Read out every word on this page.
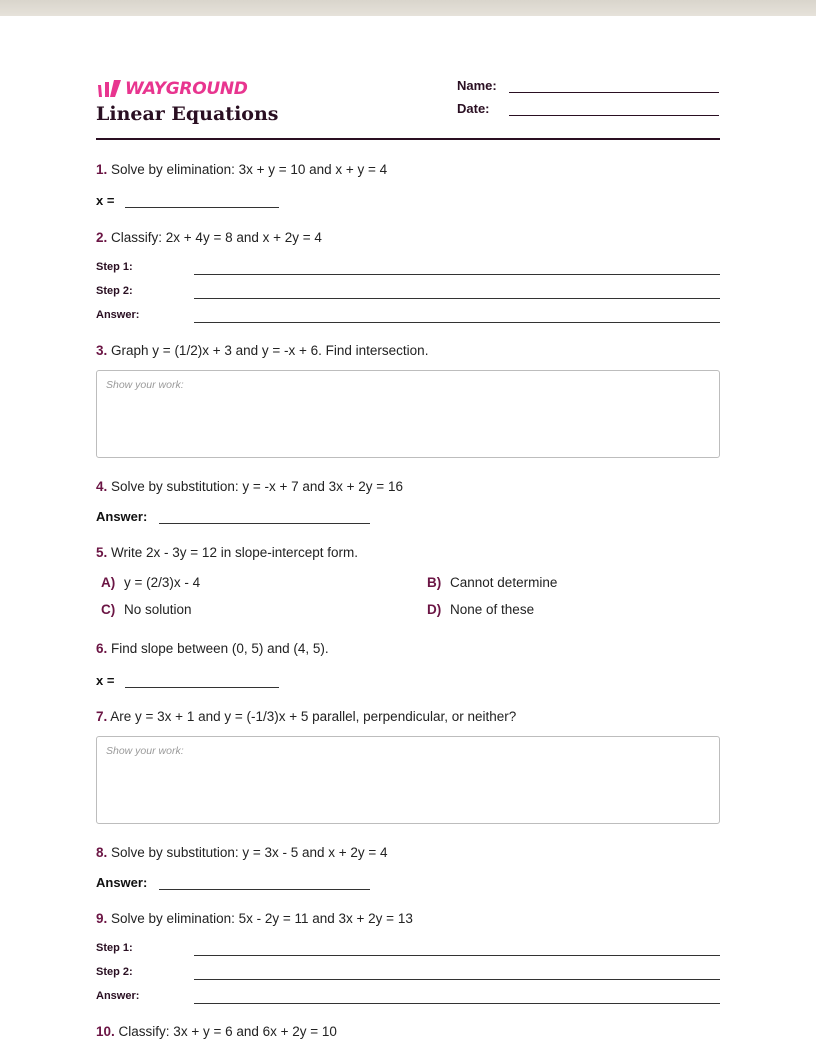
WAYGROUND
Linear Equations
Name:
Date:
1. Solve by elimination: 3x + y = 10 and x + y = 4
x =
2. Classify: 2x + 4y = 8 and x + 2y = 4
Step 1:
Step 2:
Answer:
3. Graph y = (1/2)x + 3 and y = -x + 6. Find intersection.
Show your work:
4. Solve by substitution: y = -x + 7 and 3x + 2y = 16
Answer:
5. Write 2x - 3y = 12 in slope-intercept form.
A) y = (2/3)x - 4	B) Cannot determine
C) No solution	D) None of these
6. Find slope between (0, 5) and (4, 5).
x =
7. Are y = 3x + 1 and y = (-1/3)x + 5 parallel, perpendicular, or neither?
Show your work:
8. Solve by substitution: y = 3x - 5 and x + 2y = 4
Answer:
9. Solve by elimination: 5x - 2y = 11 and 3x + 2y = 13
Step 1:
Step 2:
Answer:
10. Classify: 3x + y = 6 and 6x + 2y = 10
